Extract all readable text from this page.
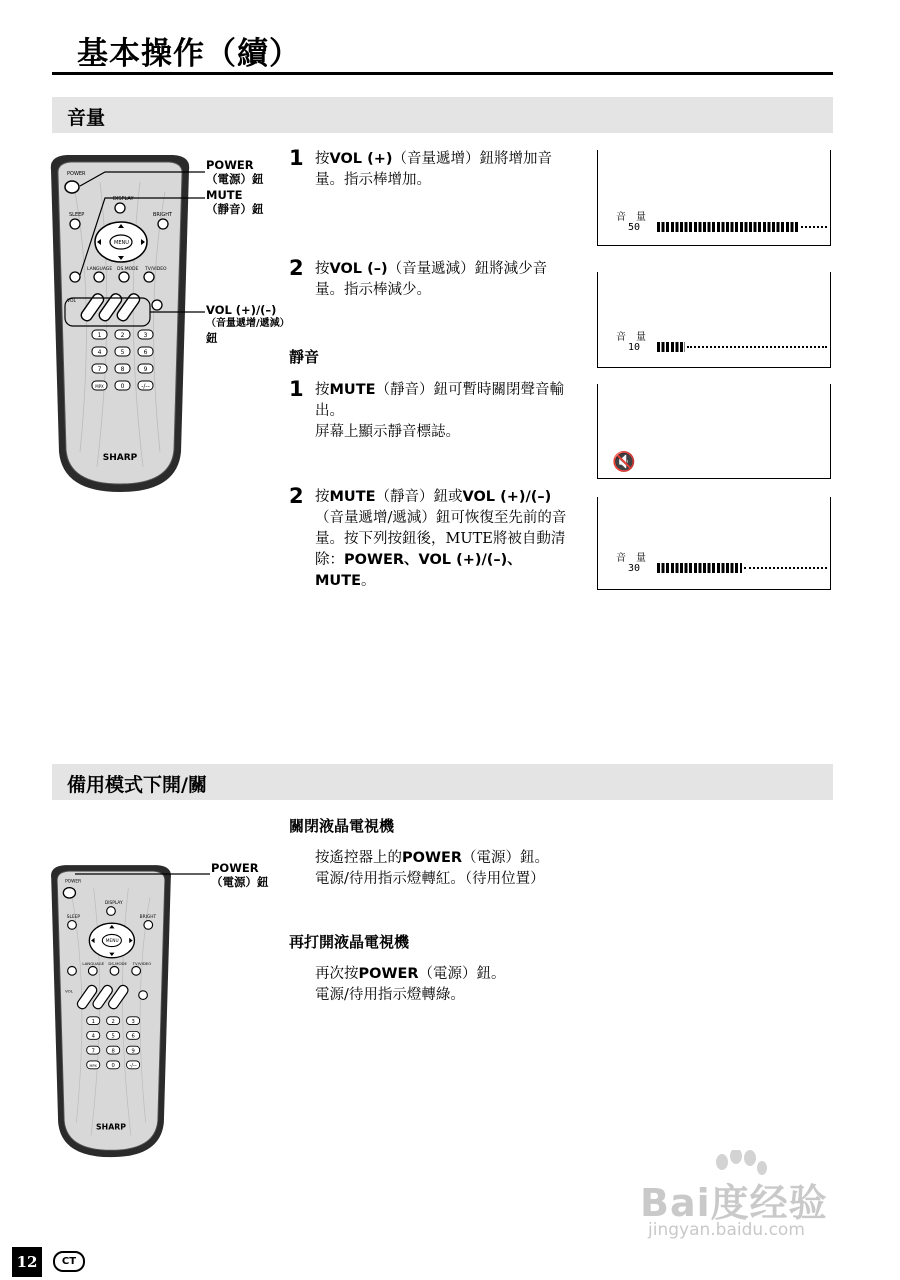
基本操作（續）
音量
POWER
DISPLAY
SLEEP	BRIGHT
MENU
LANGUAGE DS.MODE TV/VIDEO
VOL
1	2	3
4	5	6
7	8	9
MPX	0	-/--
SHARP
POWER
（電源）鈕
MUTE
（靜音）鈕
VOL (+)/(–)
（音量遞增/遞減）
鈕
1 按VOL (+)（音量遞增）鈕將增加音量。指示棒增加。
2 按VOL (–)（音量遞減）鈕將減少音量。指示棒減少。
靜音
1 按MUTE（靜音）鈕可暫時關閉聲音輸出。
屏幕上顯示靜音標誌。
2 按MUTE（靜音）鈕或VOL (+)/(–)（音量遞增/遞減）鈕可恢復至先前的音量。按下列按鈕後，MUTE將被自動清除：POWER、VOL (+)/(–)、MUTE。
音　量
50
音　量
10
🔇
音　量
30
備用模式下開/關
POWER
DISPLAY
SLEEP	BRIGHT
MENU
LANGUAGE DS.MODE TV/VIDEO
VOL
1	2	3
4	5	6
7	8	9
MPX 0 -/--
SHARP
POWER
（電源）鈕
關閉液晶電視機
按遙控器上的POWER（電源）鈕。
電源/待用指示燈轉紅。（待用位置）
再打開液晶電視機
再次按POWER（電源）鈕。
電源/待用指示燈轉綠。
Bai度经验
jingyan.baidu.com
12	CT
